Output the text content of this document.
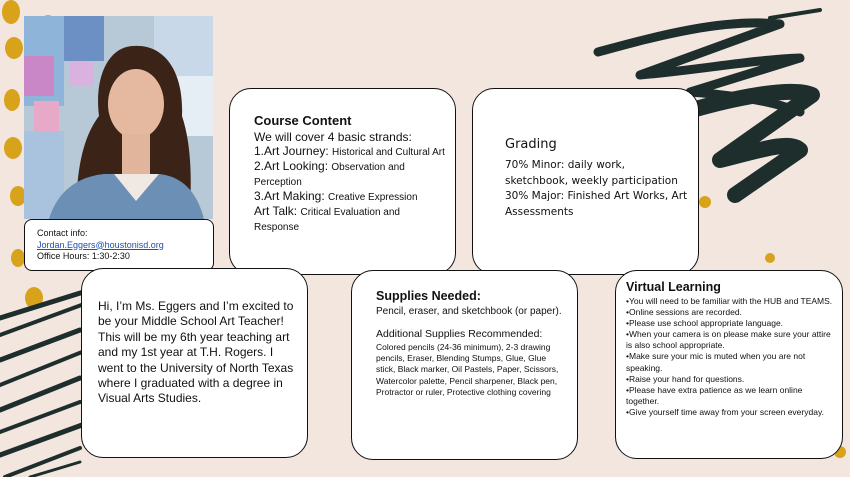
Contact info:
Jordan.Eggers@houstonisd.org
Office Hours: 1:30-2:30
Course Content
We will cover 4 basic strands:
1.Art Journey: Historical and Cultural Art
2.Art Looking: Observation and Perception
3.Art Making: Creative Expression
Art Talk: Critical Evaluation and Response
Grading
70% Minor: daily work, sketchbook, weekly participation
30% Major: Finished Art Works, Art Assessments
Hi, I’m Ms. Eggers and I’m excited to be your Middle School Art Teacher! This will be my 6th year teaching art and my 1st year at T.H. Rogers. I went to the University of North Texas where I graduated with a degree in Visual Arts Studies.
Supplies Needed:
Pencil, eraser, and sketchbook (or paper).
Additional Supplies Recommended:
Colored pencils (24-36 minimum), 2-3 drawing pencils, Eraser, Blending Stumps, Glue, Glue stick, Black marker, Oil Pastels, Paper, Scissors, Watercolor palette, Pencil sharpener, Black pen, Protractor or ruler, Protective clothing covering
Virtual Learning
• You will need to be familiar with the HUB and TEAMS.
• Online sessions are recorded.
• Please use school appropriate language.
• When your camera is on please make sure your attire is also school appropriate.
• Make sure your mic is muted when you are not speaking.
• Raise your hand for questions.
• Please have extra patience as we learn online together.
• Give yourself time away from your screen everyday.
